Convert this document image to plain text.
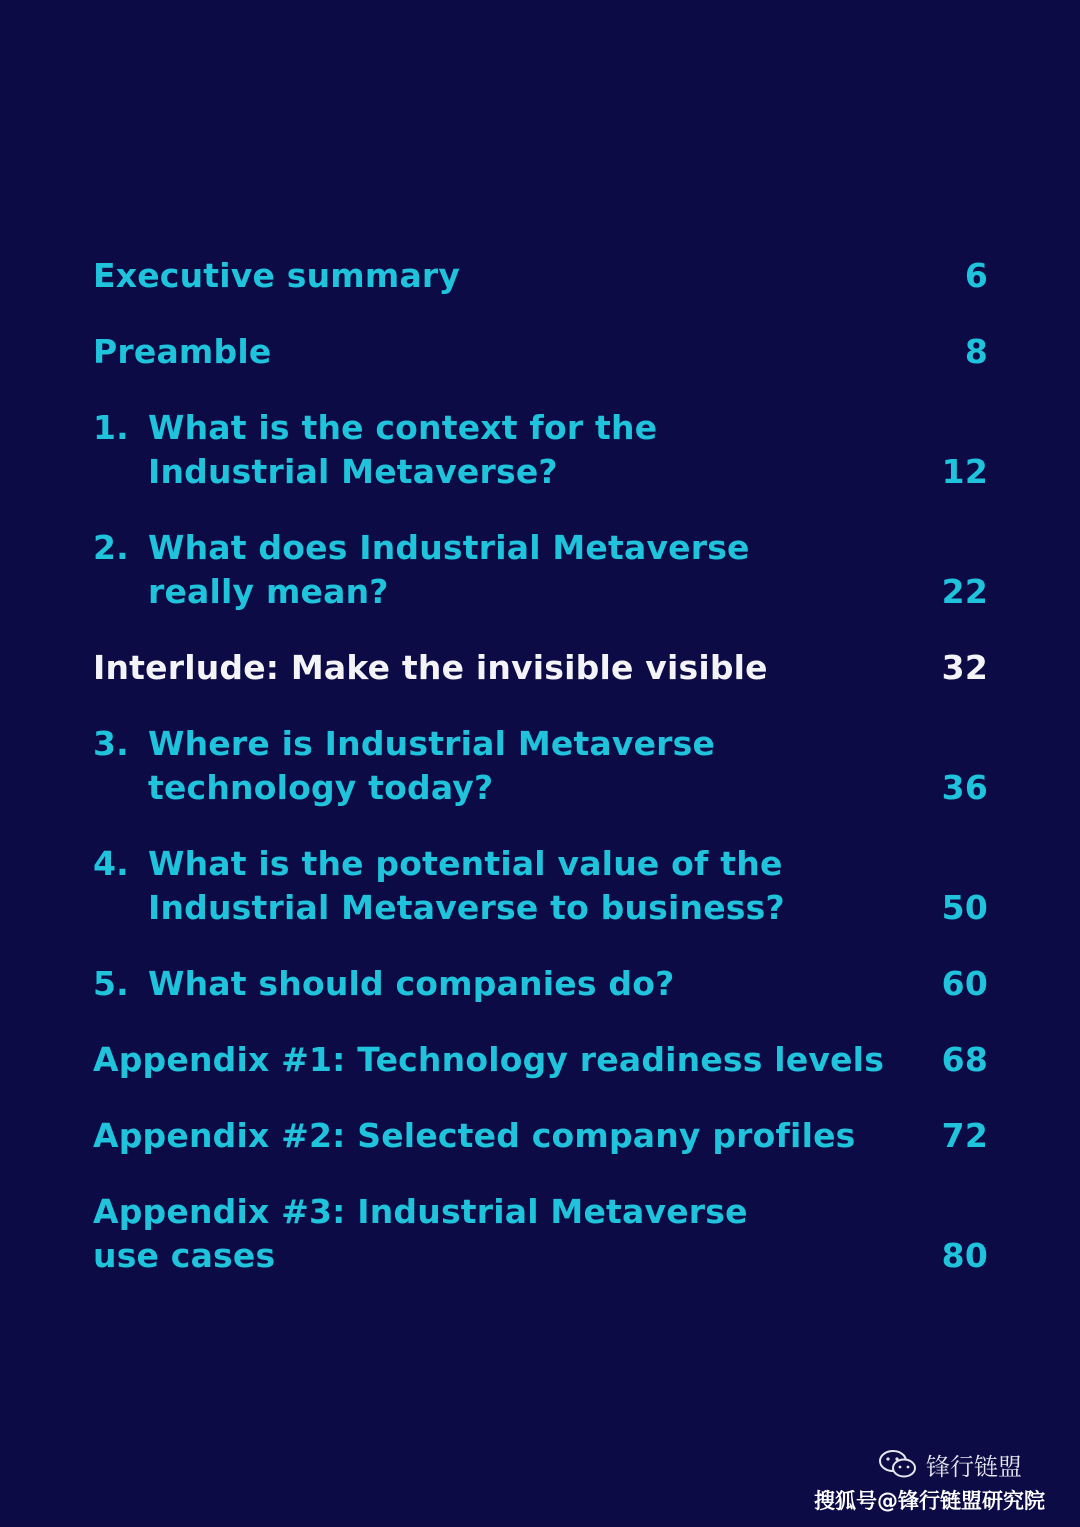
Executive summary	6
Preamble	8
1. What is the context for the
Industrial Metaverse?	12
2. What does Industrial Metaverse
really mean?	22
Interlude: Make the invisible visible	32
3. Where is Industrial Metaverse
technology today?	36
4. What is the potential value of the
Industrial Metaverse to business?	50
5. What should companies do?	60
Appendix #1: Technology readiness levels	68
Appendix #2: Selected company profiles	72
Appendix #3: Industrial Metaverse
use cases	80
锋行链盟
搜狐号@锋行链盟研究院
